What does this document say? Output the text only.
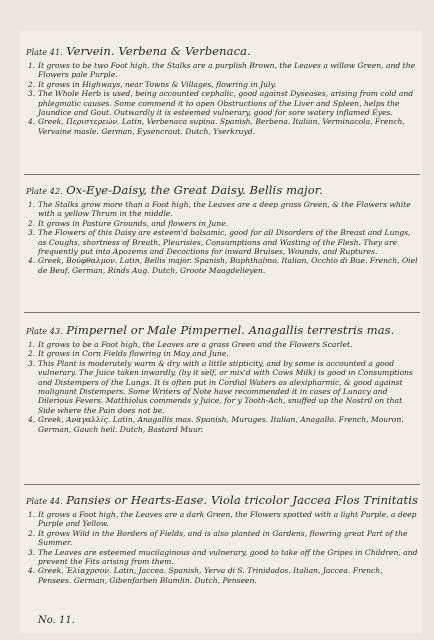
Plate 41. Vervein. Verbena & Verbenaca.
1. It grows to be two Foot high, the Stalks are a purplish Brown, the Leaves a willow Green, and the Flowers pale Purple.
2. It grows in Highways, near Towns & Villages, flowring in July.
3. The Whole Herb is used, being accounted cephalic, good against Dyseases, arising from cold and phlegmatic causes. Some commend it to open Obstructions of the Liver and Spleen, helps the Jaundice and Gout. Outwardly it is esteemed vulnerary, good for sore watery inflamed Eyes.
4. Greek, Περιστερεών. Latin, Verbenaca supina. Spanish, Berbena. Italian, Verminacola. French, Vervaine masle. German, Eysencraut. Dutch, Yserkruyd.
Plate 42. Ox-Eye-Daisy, the Great Daisy. Bellis major.
1. The Stalks grow more than a Foot high, the Leaves are a deep grass Green, & the Flowers white with a yellow Thrum in the middle.
2. It grows in Pasture Grounds, and flowers in June.
3. The Flowers of this Daisy are esteem'd balsamic, good for all Disorders of the Breast and Lungs, as Coughs, shortness of Breath, Pleurisies, Consumptions and Wasting of the Flesh. They are frequently put into Apozems and Decoctions for inward Bruises, Wounds, and Ruptures.
4. Greek, Βούφθαλμον. Latin, Bellis major. Spanish, Buphthalmo. Italian, Occhio di Bue. French, Oiel de Beuf. German, Rinds Aug. Dutch, Groote Maagdelieyen.
Plate 43. Pimpernel or Male Pimpernel. Anagallis terrestris mas.
1. It grows to be a Foot high, the Leaves are a grass Green and the Flowers Scarlet.
2. It grows in Corn Fields flowring in May and June.
3. This Plant is moderately warm & dry with a little stipticity, and by some is accounted a good vulnerary. The Juice taken inwardly, (by it self, or mix'd with Cows Milk) is good in Consumptions and Distempers of the Lungs. It is often put in Cordial Waters as alexipharmic, & good against malignant Distempers. Some Writers of Note have recommended it in cases of Lunacy and Dilerious Fevers. Matthiolus commends y Juice, for y Tooth-Ach, snuffed up the Nostril on that Side where the Pain does not be.
4. Greek, Αναγαλλίς. Latin, Anagallis mas. Spanish, Muruges. Italian, Anagallo. French, Mouron. German, Gauch heil. Dutch, Bastard Muur.
Plate 44. Pansies or Hearts-Ease. Viola tricolor Jaccea Flos Trinitatis
1. It grows a Foot high, the Leaves are a dark Green, the Flowers spotted with a light Purple, a deep Purple and Yellow.
2. It grows Wild in the Borders of Fields, and is also planted in Gardens, flowring great Part of the Summer.
3. The Leaves are esteemed mucilaginous and vulnerary, good to take off the Gripes in Children, and prevent the Fits arising from them.
4. Greek, Ἐλίαχρσον. Latin, Jaccea. Spanish, Yerva di S. Trinidados. Italian, Jaccea. French, Pensees. German, Gibenfarben Blumlin. Dutch, Penseen.
No. 11.
